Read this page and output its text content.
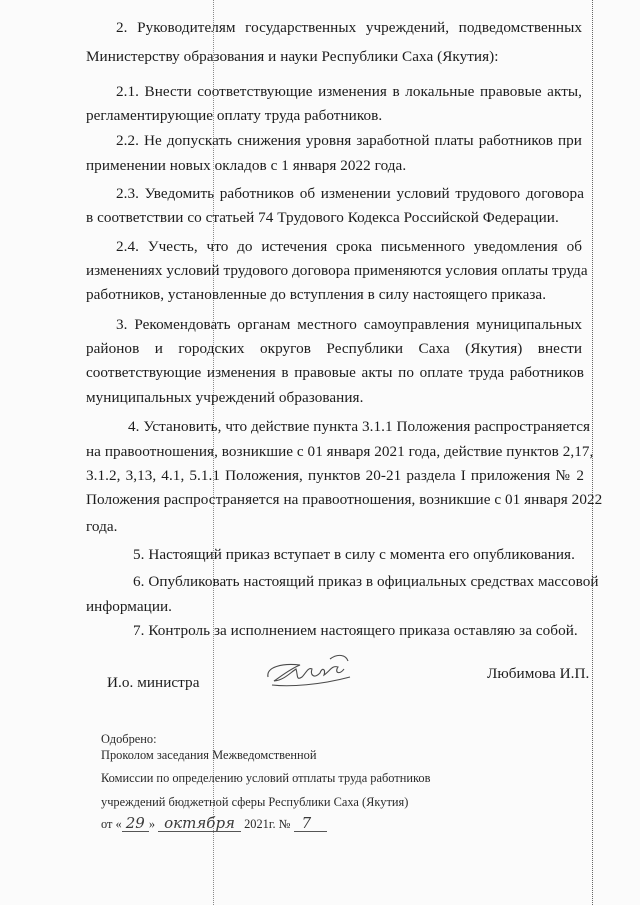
2. Руководителям государственных учреждений, подведомственных
Министерству образования и науки Республики Саха (Якутия):
2.1. Внести соответствующие изменения в локальные правовые акты,
регламентирующие оплату труда работников.
2.2. Не допускать снижения уровня заработной платы работников при
применении новых окладов с 1 января 2022 года.
2.3. Уведомить работников об изменении условий трудового договора
в соответствии со статьей 74 Трудового Кодекса Российской Федерации.
2.4. Учесть, что до истечения срока письменного уведомления об
изменениях условий трудового договора применяются условия оплаты труда
работников, установленные до вступления в силу настоящего приказа.
3. Рекомендовать органам местного самоуправления муниципальных
районов и городских округов Республики Саха (Якутия) внести
соответствующие изменения в правовые акты по оплате труда работников
муниципальных учреждений образования.
4. Установить, что действие пункта 3.1.1 Положения распространяется
на правоотношения, возникшие с 01 января 2021 года, действие пунктов 2,17,
3.1.2, 3,13, 4.1, 5.1.1 Положения, пунктов 20-21 раздела I приложения № 2
Положения распространяется на правоотношения, возникшие с 01 января 2022
года.
5. Настоящий приказ вступает в силу с момента его опубликования.
6. Опубликовать настоящий приказ в официальных средствах массовой
информации.
7. Контроль за исполнением настоящего приказа оставляю за собой.
И.о. министра
Любимова И.П.
Одобрено:
Проколом заседания Межведомственной
Комиссии по определению условий отплаты труда работников
учреждений бюджетной сферы Республики Саха (Якутия)
от « 29 » октября 2021г. № 7
